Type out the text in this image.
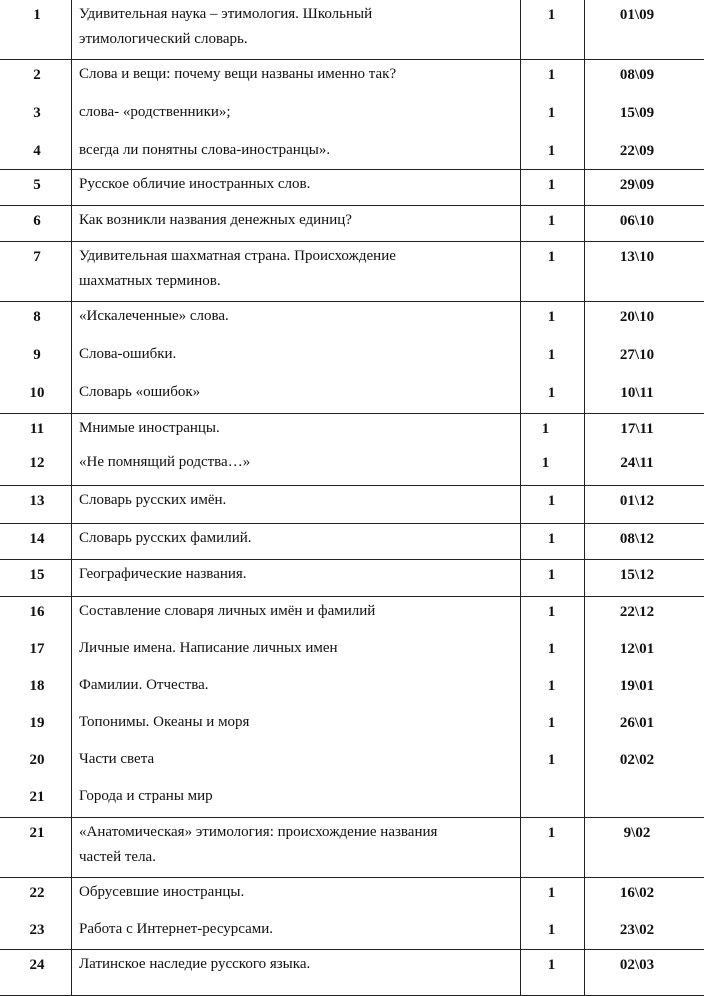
1	Удивительная наука – этимология. Школьный	1	01\09
этимологический словарь.
2	Слова и вещи: почему вещи названы именно так?	1	08\09
3	слова- «родственники»;	1	15\09
4	всегда ли понятны слова-иностранцы».	1	22\09
5	Русское обличие иностранных слов.	1	29\09
6	Как возникли названия денежных единиц?	1	06\10
7	Удивительная шахматная страна. Происхождение	1	13\10
шахматных терминов.
8	«Искалеченные» слова.	1	20\10
9	Слова-ошибки.	1	27\10
10	Словарь «ошибок»	1	10\11
11	Мнимые иностранцы.	1	17\11
12	«Не помнящий родства…»	1	24\11
13	Словарь русских имён.	1	01\12
14	Словарь русских фамилий.	1	08\12
15	Географические названия.	1	15\12
16	Составление словаря личных имён и фамилий	1	22\12
17	Личные имена. Написание личных имен	1	12\01
18	Фамилии. Отчества.	1	19\01
19	Топонимы. Океаны и моря	1	26\01
20	Части света	1	02\02
21	Города и страны мир
21	«Анатомическая» этимология: происхождение названия	1	9\02
частей тела.
22	Обрусевшие иностранцы.	1	16\02
23	Работа с Интернет-ресурсами.	1	23\02
24	Латинское наследие русского языка.	1	02\03
